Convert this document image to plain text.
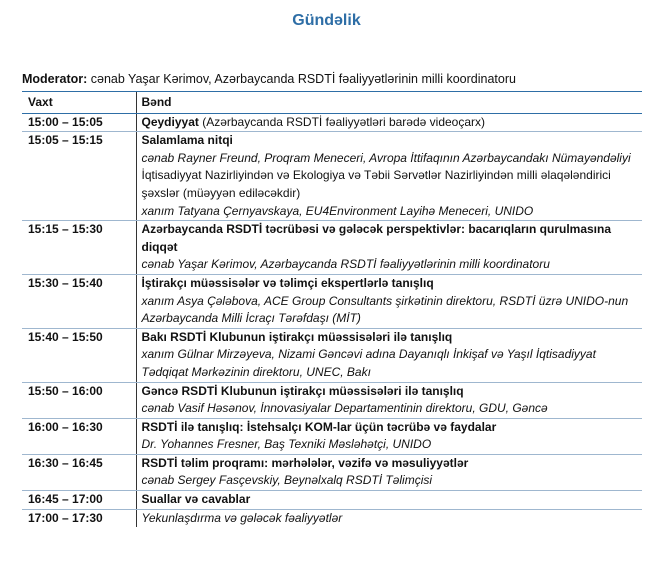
Gündəlik
Moderator: cənab Yaşar Kərimov, Azərbaycanda RSDTİ fəaliyyətlərinin milli koordinatoru
Vaxt	Bənd
15:00 – 15:05	Qeydiyyat (Azərbaycanda RSDTİ fəaliyyətləri barədə videoçarx)

15:05 – 15:15	Salamlama nitqi
cənab Rayner Freund, Proqram Meneceri, Avropa İttifaqının Azərbaycandakı Nümayəndəliyi
İqtisadiyyat Nazirliyindən və Ekologiya və Təbii Sərvətlər Nazirliyindən milli əlaqələndirici şəxslər (müəyyən ediləcəkdir)
xanım Tatyana Çernyavskaya, EU4Environment Layihə Meneceri, UNIDO

15:15 – 15:30	Azərbaycanda RSDTİ təcrübəsi və gələcək perspektivlər: bacarıqların qurulmasına diqqət
cənab Yaşar Kərimov, Azərbaycanda RSDTİ fəaliyyətlərinin milli koordinatoru

15:30 – 15:40	İştirakçı müəssisələr və təlimçi ekspertlərlə tanışlıq
xanım Asya Çələbova, ACE Group Consultants şirkətinin direktoru, RSDTİ üzrə UNIDO-nun Azərbaycanda Milli İcraçı Tərəfdaşı (MİT)

15:40 – 15:50	Bakı RSDTİ Klubunun iştirakçı müəssisələri ilə tanışlıq
xanım Gülnar Mirzəyeva, Nizami Gəncəvi adına Dayanıqlı İnkişaf və Yaşıl İqtisadiyyat Tədqiqat Mərkəzinin direktoru, UNEC, Bakı

15:50 – 16:00	Gəncə RSDTİ Klubunun iştirakçı müəssisələri ilə tanışlıq
cənab Vasif Həsənov, İnnovasiyalar Departamentinin direktoru, GDU, Gəncə

16:00 – 16:30	RSDTİ ilə tanışlıq: İstehsalçı KOM-lar üçün təcrübə və faydalar
Dr. Yohannes Fresner, Baş Texniki Məsləhətçi, UNIDO

16:30 – 16:45	RSDTİ təlim proqramı: mərhələlər, vəzifə və məsuliyyətlər
cənab Sergey Fasçevskiy, Beynəlxalq RSDTİ Təlimçisi

16:45 – 17:00	Suallar və cavablar

17:00 – 17:30	Yekunlaşdırma və gələcək fəaliyyətlər
